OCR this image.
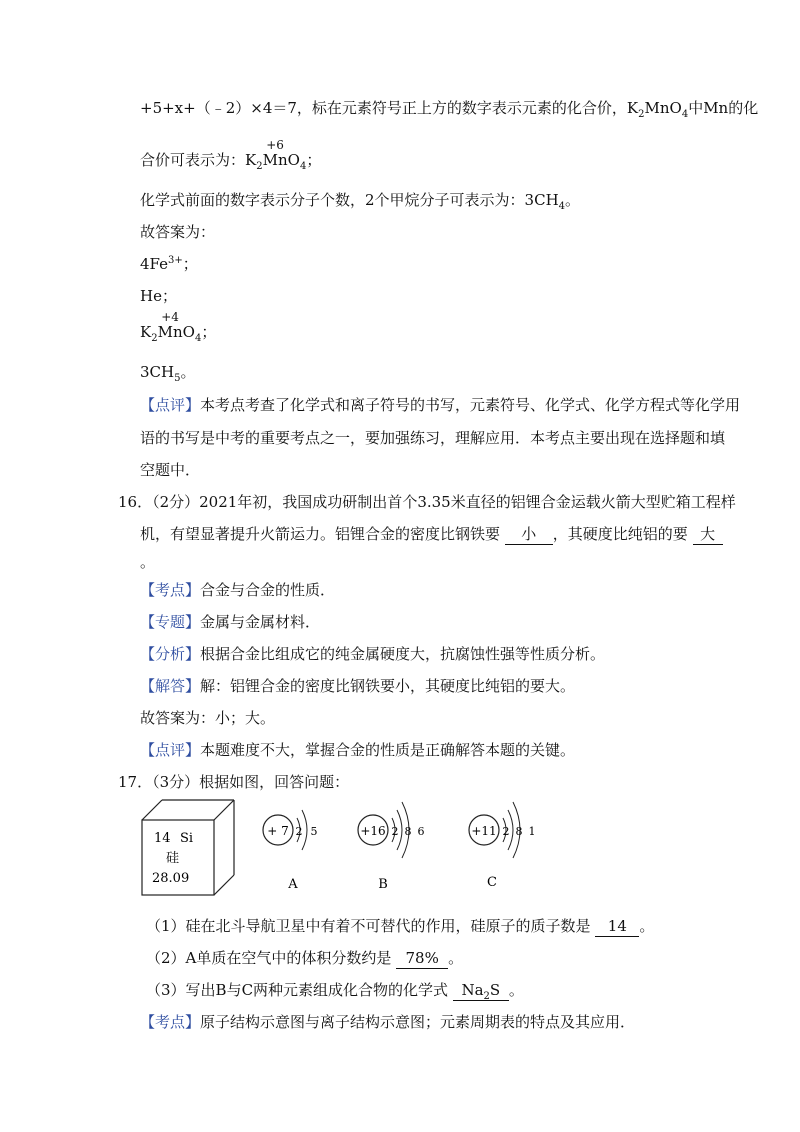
+5+x+（﹣2）×4＝7，标在元素符号正上方的数字表示元素的化合价，$K_2MnO_4$中Mn的化
合价可表示为：$K_2$
+6
MnO$_4$；
化学式前面的数字表示分子个数，2个甲烷分子可表示为：$3CH_4$。
故答案为：
$4Fe^{3+}$；
He；
$K_2$
+4
MnO$_4$；
$3CH_5$。
【点评】本考点考查了化学式和离子符号的书写，元素符号、化学式、化学方程式等化学用
语的书写是中考的重要考点之一，要加强练习，理解应用．本考点主要出现在选择题和填
空题中．
16．（2分）2021年初，我国成功研制出首个3.35米直径的铝锂合金运载火箭大型贮箱工程样
机，有望显著提升火箭运力。铝锂合金的密度比钢铁要 小 ，其硬度比纯铝的要 大
。
【考点】合金与合金的性质．
【专题】金属与金属材料．
【分析】根据合金比组成它的纯金属硬度大，抗腐蚀性强等性质分析。
【解答】解：铝锂合金的密度比钢铁要小，其硬度比纯铝的要大。
故答案为：小；大。
【点评】本题难度不大，掌握合金的性质是正确解答本题的关键。
17．（3分）根据如图，回答问题：
14 Si
硅
28.09
+ 7 2 5
A
+16 2 8 6
B
+11 2 8 1
C
（1）硅在北斗导航卫星中有着不可替代的作用，硅原子的质子数是 14 。
（2）A单质在空气中的体积分数约是 78% 。
（3）写出B与C两种元素组成化合物的化学式 $Na_2S$ 。
【考点】原子结构示意图与离子结构示意图；元素周期表的特点及其应用．
